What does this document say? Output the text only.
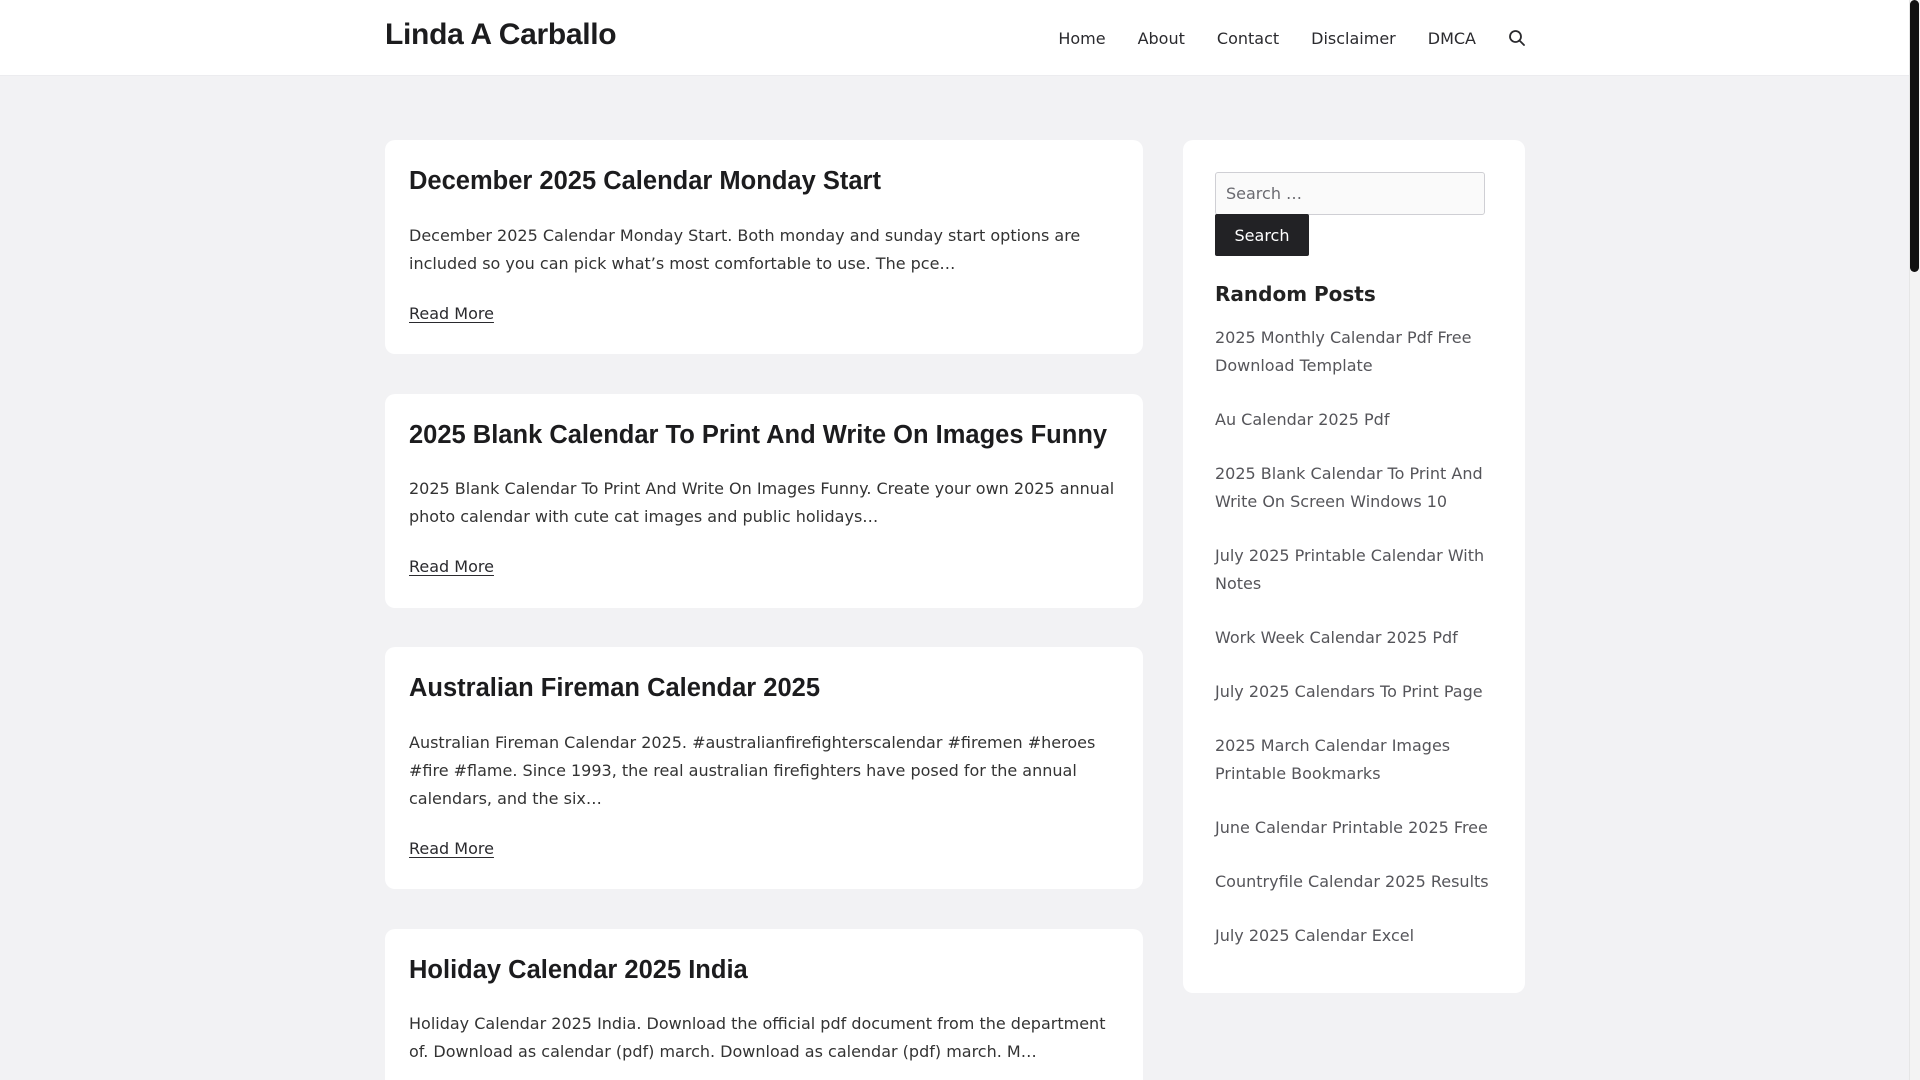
Linda A Carballo	Home About Contact Disclaimer DMCA
December 2025 Calendar Monday Start

December 2025 Calendar Monday Start. Both monday and sunday start options are included so you can pick what’s most comfortable to use. The pce…

Read More
2025 Blank Calendar To Print And Write On Images Funny

2025 Blank Calendar To Print And Write On Images Funny. Create your own 2025 annual photo calendar with cute cat images and public holidays…

Read More
Australian Fireman Calendar 2025

Australian Fireman Calendar 2025. #australianfirefighterscalendar #firemen #heroes #fire #flame. Since 1993, the real australian firefighters have posed for the annual calendars, and the six…

Read More
Holiday Calendar 2025 India

Holiday Calendar 2025 India. Download the official pdf document from the department of. Download as calendar (pdf) march. Download as calendar (pdf) march. M…

Search …
Search
Random Posts
2025 Monthly Calendar Pdf Free Download Template
Au Calendar 2025 Pdf
2025 Blank Calendar To Print And Write On Screen Windows 10
July 2025 Printable Calendar With Notes
Work Week Calendar 2025 Pdf
July 2025 Calendars To Print Page
2025 March Calendar Images Printable Bookmarks
June Calendar Printable 2025 Free
Countryfile Calendar 2025 Results
July 2025 Calendar Excel
